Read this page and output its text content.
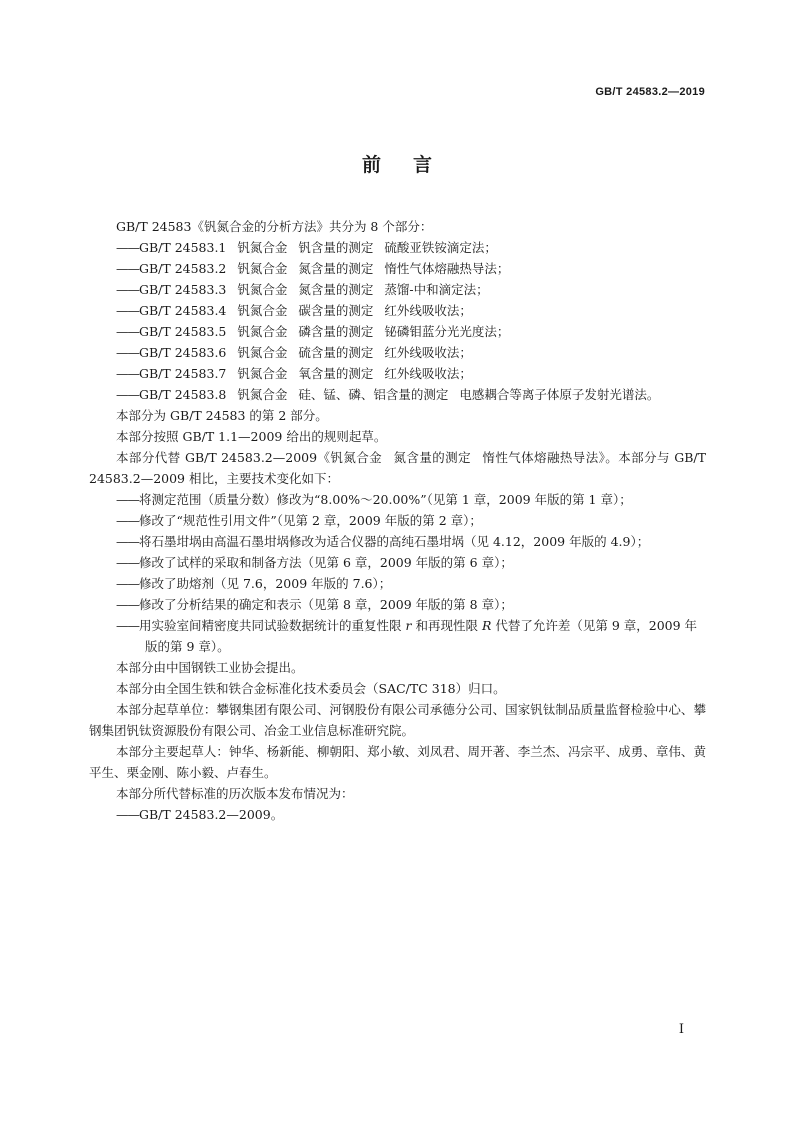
GB/T 24583.2—2019
前言

GB/T 24583《钒氮合金的分析方法》共分为 8 个部分：

——GB/T 24583.1 钒氮合金 钒含量的测定 硫酸亚铁铵滴定法；

——GB/T 24583.2 钒氮合金 氮含量的测定 惰性气体熔融热导法；

——GB/T 24583.3 钒氮合金 氮含量的测定 蒸馏-中和滴定法；

——GB/T 24583.4 钒氮合金 碳含量的测定 红外线吸收法；

——GB/T 24583.5 钒氮合金 磷含量的测定 铋磷钼蓝分光光度法；

——GB/T 24583.6 钒氮合金 硫含量的测定 红外线吸收法；

——GB/T 24583.7 钒氮合金 氧含量的测定 红外线吸收法；

——GB/T 24583.8 钒氮合金 硅、锰、磷、铝含量的测定 电感耦合等离子体原子发射光谱法。

本部分为 GB/T 24583 的第 2 部分。

本部分按照 GB/T 1.1—2009 给出的规则起草。

本部分代替 GB/T 24583.2—2009《钒氮合金 氮含量的测定 惰性气体熔融热导法》。本部分与 GB/T 24583.2—2009 相比，主要技术变化如下：

——将测定范围（质量分数）修改为“8.00%～20.00%”（见第 1 章，2009 年版的第 1 章）；

——修改了“规范性引用文件”（见第 2 章，2009 年版的第 2 章）；

——将石墨坩埚由高温石墨坩埚修改为适合仪器的高纯石墨坩埚（见 4.12，2009 年版的 4.9）；

——修改了试样的采取和制备方法（见第 6 章，2009 年版的第 6 章）；

——修改了助熔剂（见 7.6，2009 年版的 7.6）；

——修改了分析结果的确定和表示（见第 8 章，2009 年版的第 8 章）；

——用实验室间精密度共同试验数据统计的重复性限 r 和再现性限 R 代替了允许差（见第 9 章，2009 年版的第 9 章）。

本部分由中国钢铁工业协会提出。

本部分由全国生铁和铁合金标准化技术委员会（SAC/TC 318）归口。

本部分起草单位：攀钢集团有限公司、河钢股份有限公司承德分公司、国家钒钛制品质量监督检验中心、攀钢集团钒钛资源股份有限公司、冶金工业信息标准研究院。

本部分主要起草人：钟华、杨新能、柳朝阳、郑小敏、刘凤君、周开著、李兰杰、冯宗平、成勇、章伟、黄平生、栗金刚、陈小毅、卢春生。

本部分所代替标准的历次版本发布情况为：

——GB/T 24583.2—2009。

I
